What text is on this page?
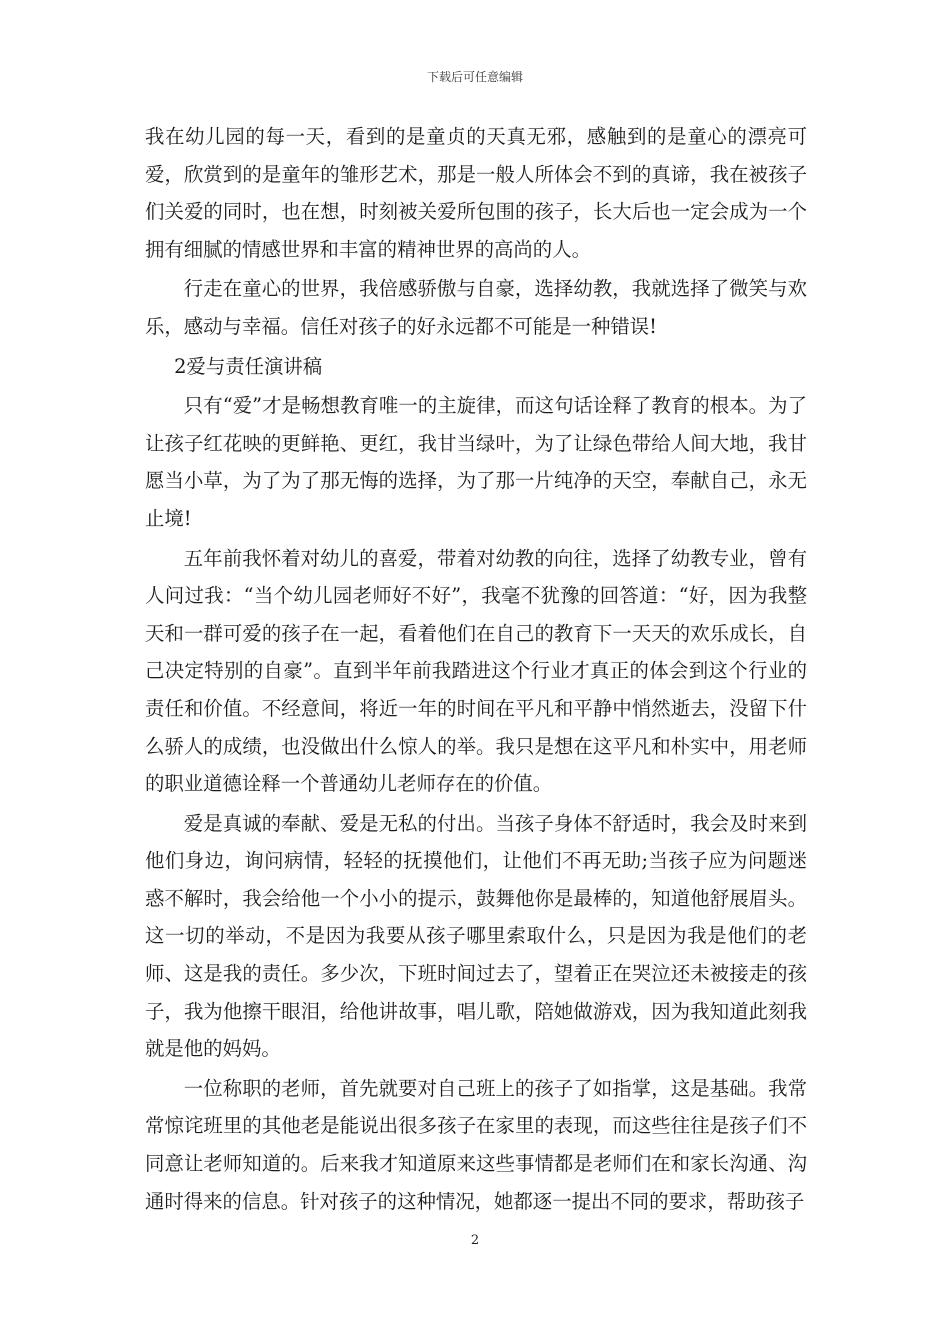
下载后可任意编辑

我在幼儿园的每一天，看到的是童贞的天真无邪，感触到的是童心的漂亮可爱，欣赏到的是童年的雏形艺术，那是一般人所体会不到的真谛，我在被孩子们关爱的同时，也在想，时刻被关爱所包围的孩子，长大后也一定会成为一个拥有细腻的情感世界和丰富的精神世界的高尚的人。

行走在童心的世界，我倍感骄傲与自豪，选择幼教，我就选择了微笑与欢乐，感动与幸福。信任对孩子的好永远都不可能是一种错误!

2爱与责任演讲稿

只有“爱”才是畅想教育唯一的主旋律，而这句话诠释了教育的根本。为了让孩子红花映的更鲜艳、更红，我甘当绿叶，为了让绿色带给人间大地，我甘愿当小草，为了为了那无悔的选择，为了那一片纯净的天空，奉献自己，永无止境!

五年前我怀着对幼儿的喜爱，带着对幼教的向往，选择了幼教专业，曾有人问过我：“当个幼儿园老师好不好”，我毫不犹豫的回答道：“好，因为我整天和一群可爱的孩子在一起，看着他们在自己的教育下一天天的欢乐成长，自己决定特别的自豪”。直到半年前我踏进这个行业才真正的体会到这个行业的责任和价值。不经意间，将近一年的时间在平凡和平静中悄然逝去，没留下什么骄人的成绩，也没做出什么惊人的举。我只是想在这平凡和朴实中，用老师的职业道德诠释一个普通幼儿老师存在的价值。

爱是真诚的奉献、爱是无私的付出。当孩子身体不舒适时，我会及时来到他们身边，询问病情，轻轻的抚摸他们，让他们不再无助;当孩子应为问题迷惑不解时，我会给他一个小小的提示，鼓舞他你是最棒的，知道他舒展眉头。这一切的举动，不是因为我要从孩子哪里索取什么，只是因为我是他们的老师、这是我的责任。多少次，下班时间过去了，望着正在哭泣还未被接走的孩子，我为他擦干眼泪，给他讲故事，唱儿歌，陪她做游戏，因为我知道此刻我就是他的妈妈。

一位称职的老师，首先就要对自己班上的孩子了如指掌，这是基础。我常常惊诧班里的其他老是能说出很多孩子在家里的表现，而这些往往是孩子们不同意让老师知道的。后来我才知道原来这些事情都是老师们在和家长沟通、沟通时得来的信息。针对孩子的这种情况，她都逐一提出不同的要求，帮助孩子

2
